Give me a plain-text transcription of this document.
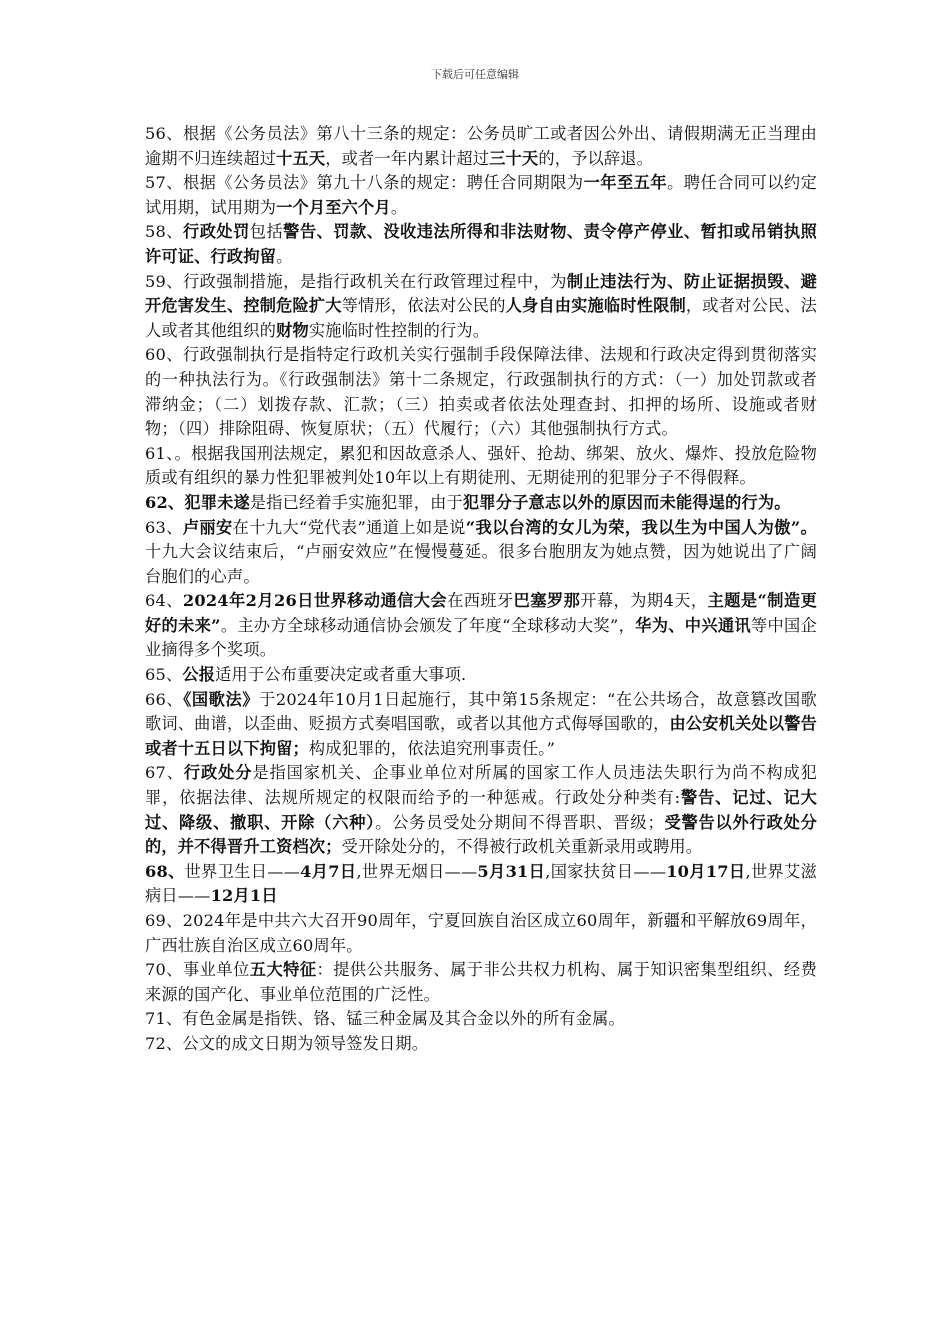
下载后可任意编辑

56、根据《公务员法》第八十三条的规定：公务员旷工或者因公外出、请假期满无正当理由逾期不归连续超过十五天，或者一年内累计超过三十天的，予以辞退。

57、根据《公务员法》第九十八条的规定：聘任合同期限为一年至五年。聘任合同可以约定试用期，试用期为一个月至六个月。

58、行政处罚包括警告、罚款、没收违法所得和非法财物、责令停产停业、暂扣或吊销执照许可证、行政拘留。

59、行政强制措施，是指行政机关在行政管理过程中，为制止违法行为、防止证据损毁、避开危害发生、控制危险扩大等情形，依法对公民的人身自由实施临时性限制，或者对公民、法人或者其他组织的财物实施临时性控制的行为。

60、行政强制执行是指特定行政机关实行强制手段保障法律、法规和行政决定得到贯彻落实的一种执法行为。《行政强制法》第十二条规定，行政强制执行的方式：（一）加处罚款或者滞纳金；（二）划拨存款、汇款；（三）拍卖或者依法处理查封、扣押的场所、设施或者财物；（四）排除阻碍、恢复原状；（五）代履行；（六）其他强制执行方式。

61、。根据我国刑法规定，累犯和因故意杀人、强奸、抢劫、绑架、放火、爆炸、投放危险物质或有组织的暴力性犯罪被判处10年以上有期徒刑、无期徒刑的犯罪分子不得假释。

62、犯罪未遂是指已经着手实施犯罪，由于犯罪分子意志以外的原因而未能得逞的行为。

63、卢丽安在十九大“党代表”通道上如是说“我以台湾的女儿为荣，我以生为中国人为傲”。十九大会议结束后，“卢丽安效应”在慢慢蔓延。很多台胞朋友为她点赞，因为她说出了广阔台胞们的心声。

64、2024年2月26日世界移动通信大会在西班牙巴塞罗那开幕，为期4天，主题是“制造更好的未来”。主办方全球移动通信协会颁发了年度“全球移动大奖”，华为、中兴通讯等中国企业摘得多个奖项。

65、公报适用于公布重要决定或者重大事项.

66、《国歌法》于2024年10月1日起施行，其中第15条规定：“在公共场合，故意篡改国歌歌词、曲谱，以歪曲、贬损方式奏唱国歌，或者以其他方式侮辱国歌的，由公安机关处以警告或者十五日以下拘留；构成犯罪的，依法追究刑事责任。”

67、行政处分是指国家机关、企事业单位对所属的国家工作人员违法失职行为尚不构成犯罪，依据法律、法规所规定的权限而给予的一种惩戒。行政处分种类有:警告、记过、记大过、降级、撤职、开除（六种）。公务员受处分期间不得晋职、晋级；受警告以外行政处分的，并不得晋升工资档次；受开除处分的，不得被行政机关重新录用或聘用。

68、世界卫生日——4月7日,世界无烟日——5月31日,国家扶贫日——10月17日,世界艾滋病日——12月1日

69、2024年是中共六大召开90周年，宁夏回族自治区成立60周年，新疆和平解放69周年，广西壮族自治区成立60周年。

70、事业单位五大特征：提供公共服务、属于非公共权力机构、属于知识密集型组织、经费来源的国产化、事业单位范围的广泛性。

71、有色金属是指铁、铬、锰三种金属及其合金以外的所有金属。

72、公文的成文日期为领导签发日期。
